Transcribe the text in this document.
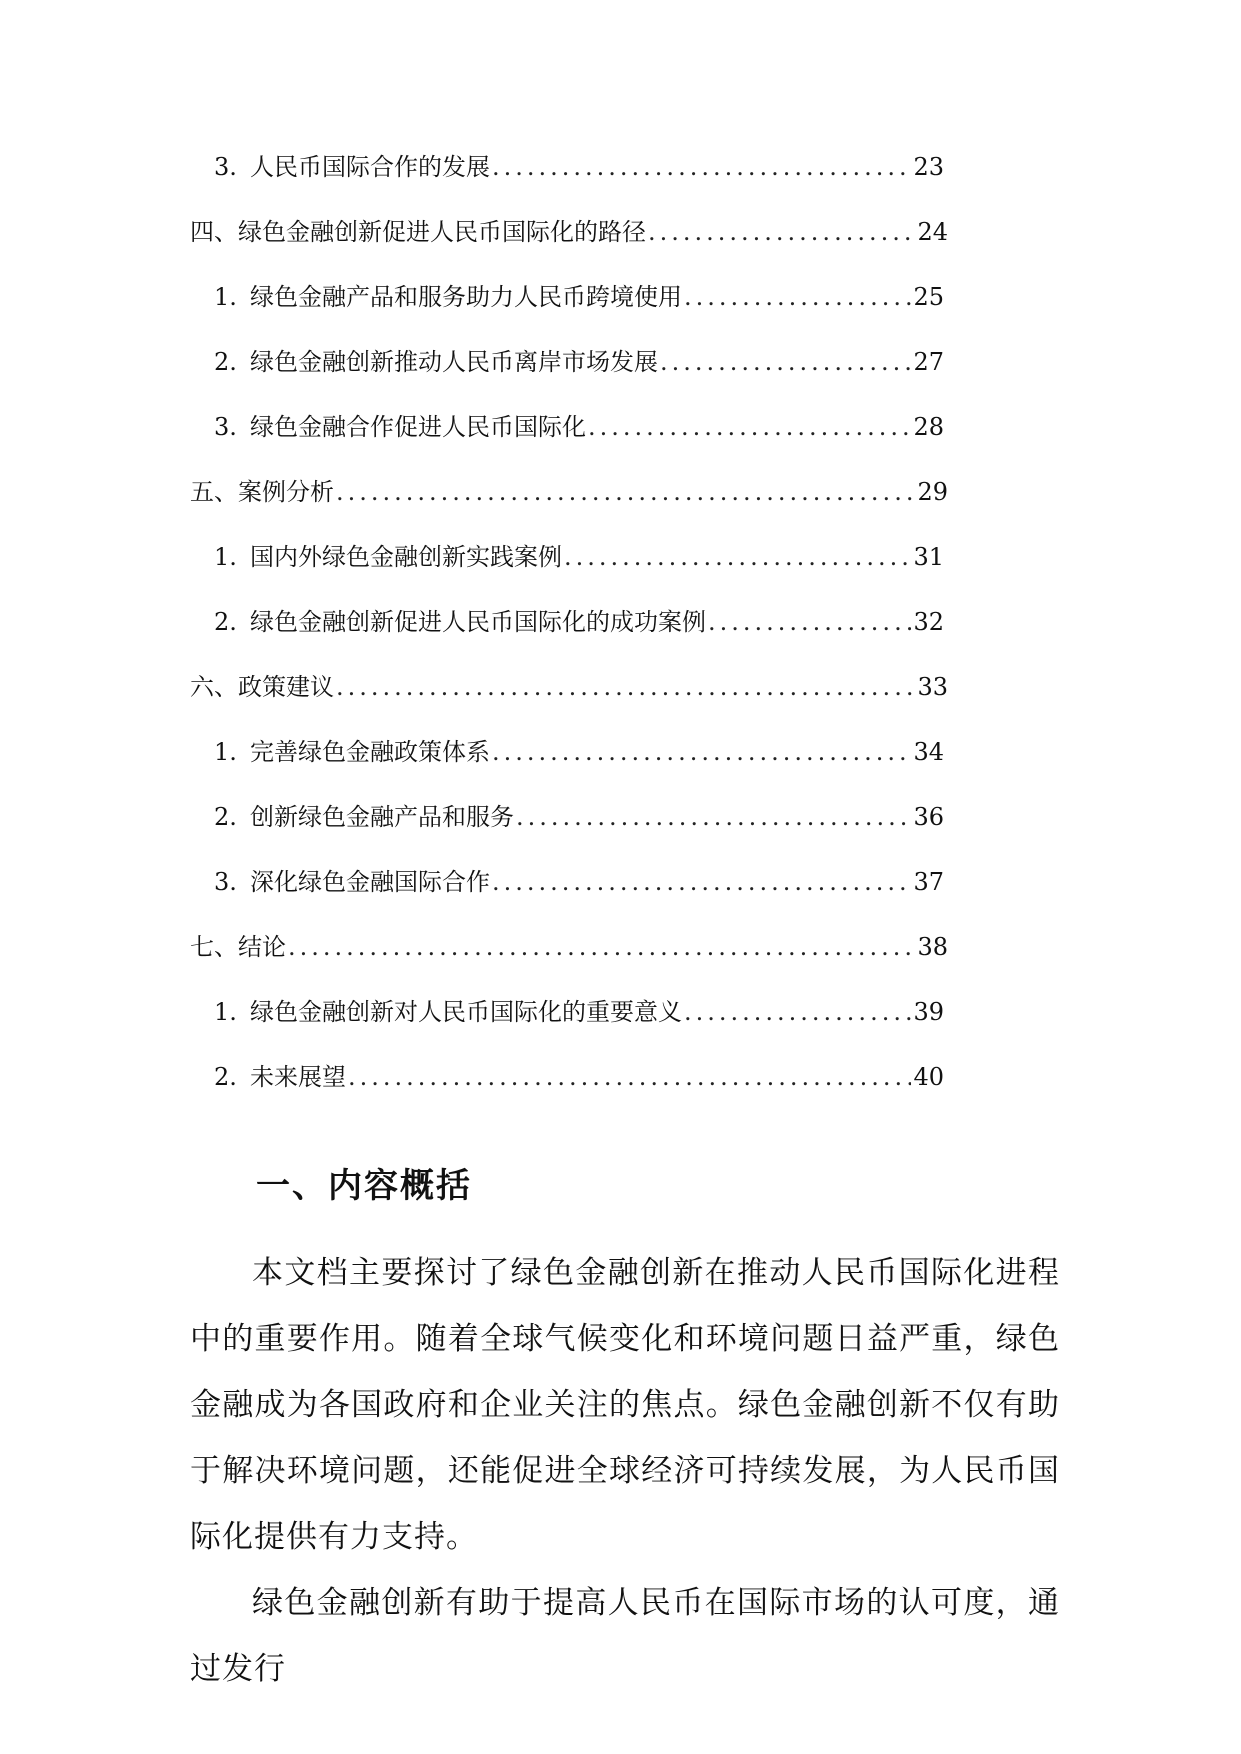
3. 人民币国际合作的发展 .....	23
四、绿色金融创新促进人民币国际化的路径 .....	24
1. 绿色金融产品和服务助力人民币跨境使用 .....	25
2. 绿色金融创新推动人民币离岸市场发展 .....	27
3. 绿色金融合作促进人民币国际化 .....	28
五、案例分析 .....	29
1. 国内外绿色金融创新实践案例 .....	31
2. 绿色金融创新促进人民币国际化的成功案例 .....	32
六、政策建议 .....	33
1. 完善绿色金融政策体系 .....	34
2. 创新绿色金融产品和服务 .....	36
3. 深化绿色金融国际合作 .....	37
七、结论 .....	38
1. 绿色金融创新对人民币国际化的重要意义 .....	39
2. 未来展望 .....	40
一、内容概括

本文档主要探讨了绿色金融创新在推动人民币国际化进程中的重要作用。随着全球气候变化和环境问题日益严重，绿色金融成为各国政府和企业关注的焦点。绿色金融创新不仅有助于解决环境问题，还能促进全球经济可持续发展，为人民币国际化提供有力支持。

绿色金融创新有助于提高人民币在国际市场的认可度，通过发行
